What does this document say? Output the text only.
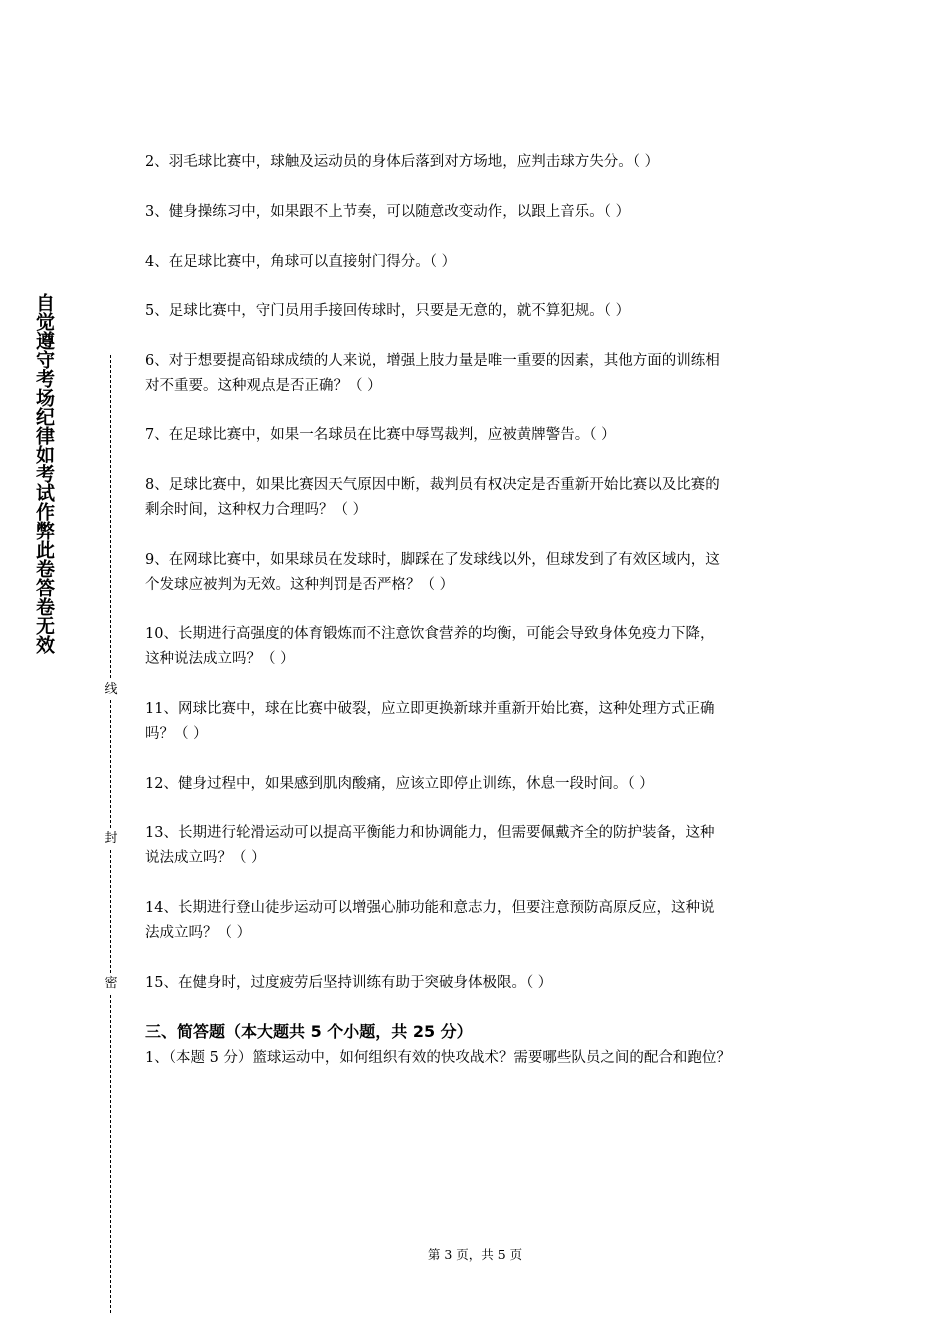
自觉遵守考场纪律如考试作弊此卷答卷无效
线
封
密
2、羽毛球比赛中，球触及运动员的身体后落到对方场地，应判击球方失分。（ ）
3、健身操练习中，如果跟不上节奏，可以随意改变动作，以跟上音乐。（ ）
4、在足球比赛中，角球可以直接射门得分。（ ）
5、足球比赛中，守门员用手接回传球时，只要是无意的，就不算犯规。（ ）
6、对于想要提高铅球成绩的人来说，增强上肢力量是唯一重要的因素，其他方面的训练相
对不重要。这种观点是否正确？（ ）
7、在足球比赛中，如果一名球员在比赛中辱骂裁判，应被黄牌警告。（ ）
8、足球比赛中，如果比赛因天气原因中断，裁判员有权决定是否重新开始比赛以及比赛的
剩余时间，这种权力合理吗？（ ）
9、在网球比赛中，如果球员在发球时，脚踩在了发球线以外，但球发到了有效区域内，这
个发球应被判为无效。这种判罚是否严格？（ ）
10、长期进行高强度的体育锻炼而不注意饮食营养的均衡，可能会导致身体免疫力下降，
这种说法成立吗？（ ）
11、网球比赛中，球在比赛中破裂，应立即更换新球并重新开始比赛，这种处理方式正确
吗？（ ）
12、健身过程中，如果感到肌肉酸痛，应该立即停止训练，休息一段时间。（ ）
13、长期进行轮滑运动可以提高平衡能力和协调能力，但需要佩戴齐全的防护装备，这种
说法成立吗？（ ）
14、长期进行登山徒步运动可以增强心肺功能和意志力，但要注意预防高原反应，这种说
法成立吗？（ ）
15、在健身时，过度疲劳后坚持训练有助于突破身体极限。（ ）
三、简答题（本大题共 5 个小题，共 25 分）
1、（本题 5 分）篮球运动中，如何组织有效的快攻战术？需要哪些队员之间的配合和跑位？
第 3 页，共 5 页
